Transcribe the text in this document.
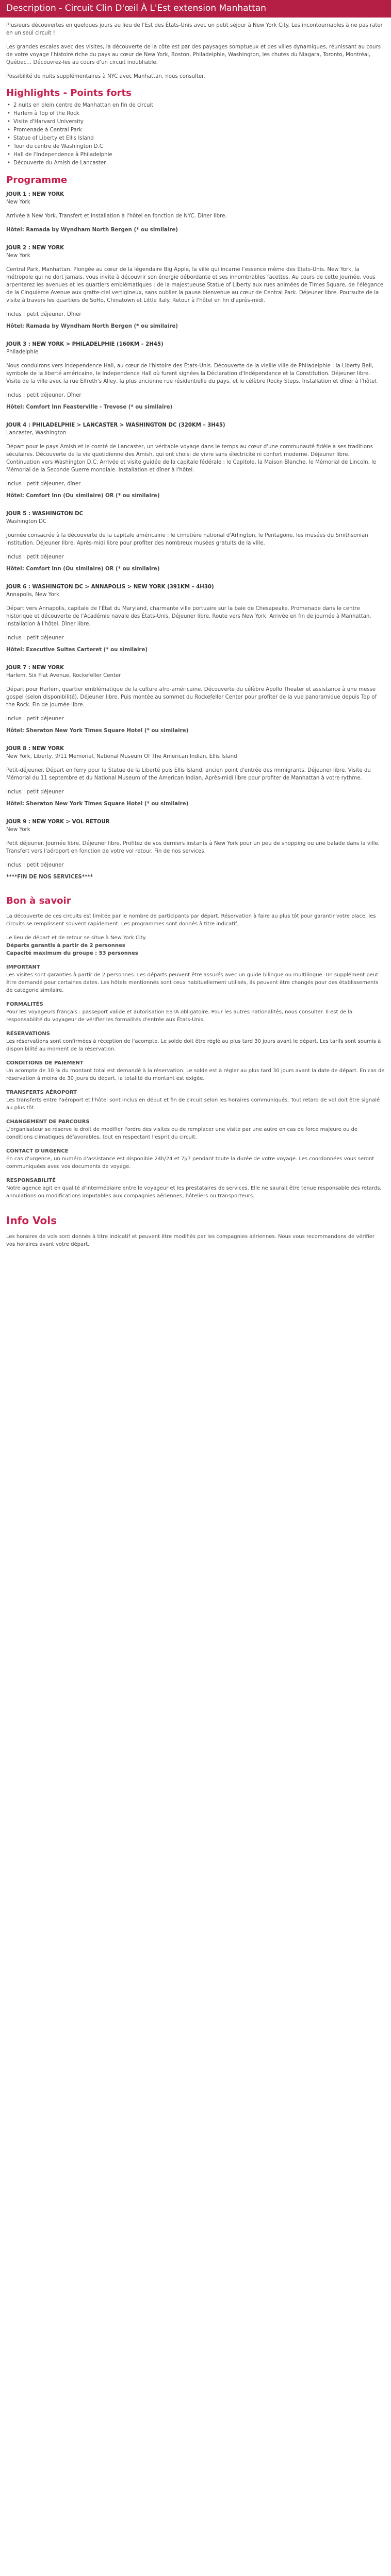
Description - Circuit Clin D'œil À L'Est extension Manhattan

Plusieurs découvertes en quelques jours au lieu de l'Est des États-Unis avec un petit séjour à New York City. Les incontournables à ne pas rater en un seul circuit !

Les grandes escales avec des visites, la découverte de la côte est par des paysages somptueux et des villes dynamiques, réunissant au cours de votre voyage l'histoire riche du pays au cœur de New York, Boston, Philadelphie, Washington, les chutes du Niagara, Toronto, Montréal, Québec… Découvrez-les au cours d'un circuit inoubliable.

Possibilité de nuits supplémentaires à NYC avec Manhattan, nous consulter.

Highlights - Points forts
• 2 nuits en plein centre de Manhattan en fin de circuit
• Harlem à Top of the Rock
• Visite d'Harvard University
• Promenade à Central Park
• Statue of Liberty et Ellis Island
• Tour du centre de Washington D.C
• Hall de l'Independence à Philadelphie
• Découverte du Amish de Lancaster
Programme
JOUR 1 : NEW YORK
New York
Arrivée à New York. Transfert et installation à l'hôtel en fonction de NYC. Dîner libre.
Hôtel: Ramada by Wyndham North Bergen (* ou similaire)
JOUR 2 : NEW YORK
New York
Central Park, Manhattan. Plongée au cœur de la légendaire Big Apple, la ville qui incarne l'essence même des États-Unis. New York, la métropole qui ne dort jamais, vous invite à découvrir son énergie débordante et ses innombrables facettes. Au cours de cette journée, vous arpenterez les avenues et les quartiers emblématiques : de la majestueuse Statue of Liberty aux rues animées de Times Square, de l'élégance de la Cinquième Avenue aux gratte-ciel vertigineux, sans oublier la pause bienvenue au cœur de Central Park. Déjeuner libre. Poursuite de la visite à travers les quartiers de SoHo, Chinatown et Little Italy. Retour à l'hôtel en fin d'après-midi.
Inclus : petit déjeuner, Dîner
Hôtel: Ramada by Wyndham North Bergen (* ou similaire)
JOUR 3 : NEW YORK > PHILADELPHIE (160KM – 2H45)
Philadelphie
Nous conduirons vers Independence Hall, au cœur de l'histoire des États-Unis. Découverte de la vieille ville de Philadelphie : la Liberty Bell, symbole de la liberté américaine, le Independence Hall où furent signées la Déclaration d'Indépendance et la Constitution. Déjeuner libre. Visite de la ville avec la rue Elfreth's Alley, la plus ancienne rue résidentielle du pays, et le célèbre Rocky Steps. Installation et dîner à l'hôtel.
Inclus : petit déjeuner, Dîner
Hôtel: Comfort Inn Feasterville - Trevose (* ou similaire)
JOUR 4 : PHILADELPHIE > LANCASTER > WASHINGTON DC (320KM – 3H45)
Lancaster, Washington
Départ pour le pays Amish et le comté de Lancaster, un véritable voyage dans le temps au cœur d'une communauté fidèle à ses traditions séculaires. Découverte de la vie quotidienne des Amish, qui ont choisi de vivre sans électricité ni confort moderne. Déjeuner libre. Continuation vers Washington D.C. Arrivée et visite guidée de la capitale fédérale : le Capitole, la Maison Blanche, le Mémorial de Lincoln, le Mémorial de la Seconde Guerre mondiale. Installation et dîner à l'hôtel.
Inclus : petit déjeuner, dîner
Hôtel: Comfort Inn (Ou similaire) OR (* ou similaire)
JOUR 5 : WASHINGTON DC
Washington DC
Journée consacrée à la découverte de la capitale américaine : le cimetière national d'Arlington, le Pentagone, les musées du Smithsonian Institution. Déjeuner libre. Après-midi libre pour profiter des nombreux musées gratuits de la ville.
Inclus : petit déjeuner
Hôtel: Comfort Inn (Ou similaire) OR (* ou similaire)
JOUR 6 : WASHINGTON DC > ANNAPOLIS > NEW YORK (391KM – 4H30)
Annapolis, New York
Départ vers Annapolis, capitale de l'État du Maryland, charmante ville portuaire sur la baie de Chesapeake. Promenade dans le centre historique et découverte de l'Académie navale des États-Unis. Déjeuner libre. Route vers New York. Arrivée en fin de journée à Manhattan. Installation à l'hôtel. Dîner libre.
Inclus : petit déjeuner
Hôtel: Executive Suites Carteret (* ou similaire)
JOUR 7 : NEW YORK
Harlem, Six Flat Avenue, Rockefeller Center
Départ pour Harlem, quartier emblématique de la culture afro-américaine. Découverte du célèbre Apollo Theater et assistance à une messe gospel (selon disponibilité). Déjeuner libre. Puis montée au sommet du Rockefeller Center pour profiter de la vue panoramique depuis Top of the Rock. Fin de journée libre.
Inclus : petit déjeuner
Hôtel: Sheraton New York Times Square Hotel (* ou similaire)
JOUR 8 : NEW YORK
New York, Liberty, 9/11 Memorial, National Museum Of The American Indian, Ellis Island
Petit-déjeuner. Départ en ferry pour la Statue de la Liberté puis Ellis Island, ancien point d'entrée des immigrants. Déjeuner libre. Visite du Mémorial du 11 septembre et du National Museum of the American Indian. Après-midi libre pour profiter de Manhattan à votre rythme.
Inclus : petit déjeuner
Hôtel: Sheraton New York Times Square Hotel (* ou similaire)
JOUR 9 : NEW YORK > VOL RETOUR
New York
Petit déjeuner. Journée libre. Déjeuner libre. Profitez de vos derniers instants à New York pour un peu de shopping ou une balade dans la ville. Transfert vers l'aéroport en fonction de votre vol retour. Fin de nos services.
Inclus : petit déjeuner
****FIN DE NOS SERVICES****
Bon à savoir

La découverte de ces circuits est limitée par le nombre de participants par départ. Réservation à faire au plus tôt pour garantir votre place, les circuits se remplissent souvent rapidement. Les programmes sont donnés à titre indicatif.

Le lieu de départ et de retour se situe à New York City.
Départs garantis à partir de 2 personnes
Capacité maximum du groupe : 53 personnes

IMPORTANT
Les visites sont garanties à partir de 2 personnes. Les départs peuvent être assurés avec un guide bilingue ou multilingue. Un supplément peut être demandé pour certaines dates. Les hôtels mentionnés sont ceux habituellement utilisés, ils peuvent être changés pour des établissements de catégorie similaire.

FORMALITÉS
Pour les voyageurs français : passeport valide et autorisation ESTA obligatoire. Pour les autres nationalités, nous consulter. Il est de la responsabilité du voyageur de vérifier les formalités d'entrée aux États-Unis.

RÉSERVATIONS
Les réservations sont confirmées à réception de l'acompte. Le solde doit être réglé au plus tard 30 jours avant le départ. Les tarifs sont soumis à disponibilité au moment de la réservation.

CONDITIONS DE PAIEMENT
Un acompte de 30 % du montant total est demandé à la réservation. Le solde est à régler au plus tard 30 jours avant la date de départ. En cas de réservation à moins de 30 jours du départ, la totalité du montant est exigée.

TRANSFERTS AÉROPORT
Les transferts entre l'aéroport et l'hôtel sont inclus en début et fin de circuit selon les horaires communiqués. Tout retard de vol doit être signalé au plus tôt.

CHANGEMENT DE PARCOURS
L'organisateur se réserve le droit de modifier l'ordre des visites ou de remplacer une visite par une autre en cas de force majeure ou de conditions climatiques défavorables, tout en respectant l'esprit du circuit.

CONTACT D'URGENCE
En cas d'urgence, un numéro d'assistance est disponible 24h/24 et 7j/7 pendant toute la durée de votre voyage. Les coordonnées vous seront communiquées avec vos documents de voyage.

RESPONSABILITÉ
Notre agence agit en qualité d'intermédiaire entre le voyageur et les prestataires de services. Elle ne saurait être tenue responsable des retards, annulations ou modifications imputables aux compagnies aériennes, hôteliers ou transporteurs.

Info Vols

Les horaires de vols sont donnés à titre indicatif et peuvent être modifiés par les compagnies aériennes. Nous vous recommandons de vérifier vos horaires avant votre départ.
